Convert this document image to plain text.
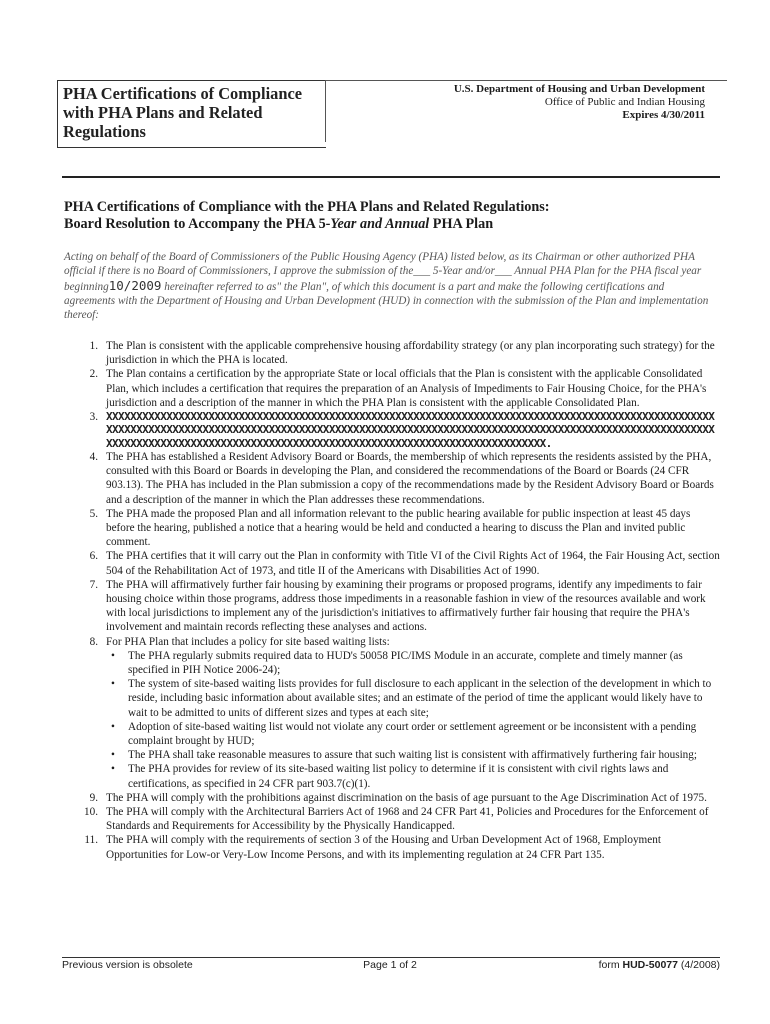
PHA Certifications of Compliance with PHA Plans and Related Regulations
U.S. Department of Housing and Urban Development
Office of Public and Indian Housing
Expires 4/30/2011
PHA Certifications of Compliance with the PHA Plans and Related Regulations:
Board Resolution to Accompany the PHA 5-Year and Annual PHA Plan
Acting on behalf of the Board of Commissioners of the Public Housing Agency (PHA) listed below, as its Chairman or other authorized PHA official if there is no Board of Commissioners, I approve the submission of the___ 5-Year and/or___ Annual PHA Plan for the PHA fiscal year beginning10/2009 hereinafter referred to as" the Plan", of which this document is a part and make the following certifications and agreements with the Department of Housing and Urban Development (HUD) in connection with the submission of the Plan and implementation thereof:
1. The Plan is consistent with the applicable comprehensive housing affordability strategy (or any plan incorporating such strategy) for the jurisdiction in which the PHA is located.
2. The Plan contains a certification by the appropriate State or local officials that the Plan is consistent with the applicable Consolidated Plan, which includes a certification that requires the preparation of an Analysis of Impediments to Fair Housing Choice, for the PHA's jurisdiction and a description of the manner in which the PHA Plan is consistent with the applicable Consolidated Plan.
3. XXXXXXXXXXXXXXXXXXXXXXXXXXXXXXXXXXXXXXXXXXXXXXXXXXXXXXXXXXXXXXXXXXXXXXXXXXXXXXXXXXXXXXXXXXXXXXXXXXXXXXXXXXXXXXXXXXXXXXXXXXXXXXXXXXXXXXXXXXXXXXXXXXXXXXXXXXXXXXXXXXXXXXXXXXXXXXXXXXXXXXXXXXXXXXXXXXXXXXXXXXXXXXXXXXXXXXXXXXXXXXXXXXXXXXXXXXXXXXXXXXXXXXXXXXXXXXXXXXXXXXXXXXXXXXXXXXX.
4. The PHA has established a Resident Advisory Board or Boards, the membership of which represents the residents assisted by the PHA, consulted with this Board or Boards in developing the Plan, and considered the recommendations of the Board or Boards (24 CFR 903.13). The PHA has included in the Plan submission a copy of the recommendations made by the Resident Advisory Board or Boards and a description of the manner in which the Plan addresses these recommendations.
5. The PHA made the proposed Plan and all information relevant to the public hearing available for public inspection at least 45 days before the hearing, published a notice that a hearing would be held and conducted a hearing to discuss the Plan and invited public comment.
6. The PHA certifies that it will carry out the Plan in conformity with Title VI of the Civil Rights Act of 1964, the Fair Housing Act, section 504 of the Rehabilitation Act of 1973, and title II of the Americans with Disabilities Act of 1990.
7. The PHA will affirmatively further fair housing by examining their programs or proposed programs, identify any impediments to fair housing choice within those programs, address those impediments in a reasonable fashion in view of the resources available and work with local jurisdictions to implement any of the jurisdiction's initiatives to affirmatively further fair housing that require the PHA's involvement and maintain records reflecting these analyses and actions.
8. For PHA Plan that includes a policy for site based waiting lists:
• The PHA regularly submits required data to HUD's 50058 PIC/IMS Module in an accurate, complete and timely manner (as specified in PIH Notice 2006-24);
• The system of site-based waiting lists provides for full disclosure to each applicant in the selection of the development in which to reside, including basic information about available sites; and an estimate of the period of time the applicant would likely have to wait to be admitted to units of different sizes and types at each site;
• Adoption of site-based waiting list would not violate any court order or settlement agreement or be inconsistent with a pending complaint brought by HUD;
• The PHA shall take reasonable measures to assure that such waiting list is consistent with affirmatively furthering fair housing;
• The PHA provides for review of its site-based waiting list policy to determine if it is consistent with civil rights laws and certifications, as specified in 24 CFR part 903.7(c)(1).
9. The PHA will comply with the prohibitions against discrimination on the basis of age pursuant to the Age Discrimination Act of 1975.
10. The PHA will comply with the Architectural Barriers Act of 1968 and 24 CFR Part 41, Policies and Procedures for the Enforcement of Standards and Requirements for Accessibility by the Physically Handicapped.
11. The PHA will comply with the requirements of section 3 of the Housing and Urban Development Act of 1968, Employment Opportunities for Low-or Very-Low Income Persons, and with its implementing regulation at 24 CFR Part 135.
Previous version is obsolete	Page 1 of 2	form HUD-50077 (4/2008)
